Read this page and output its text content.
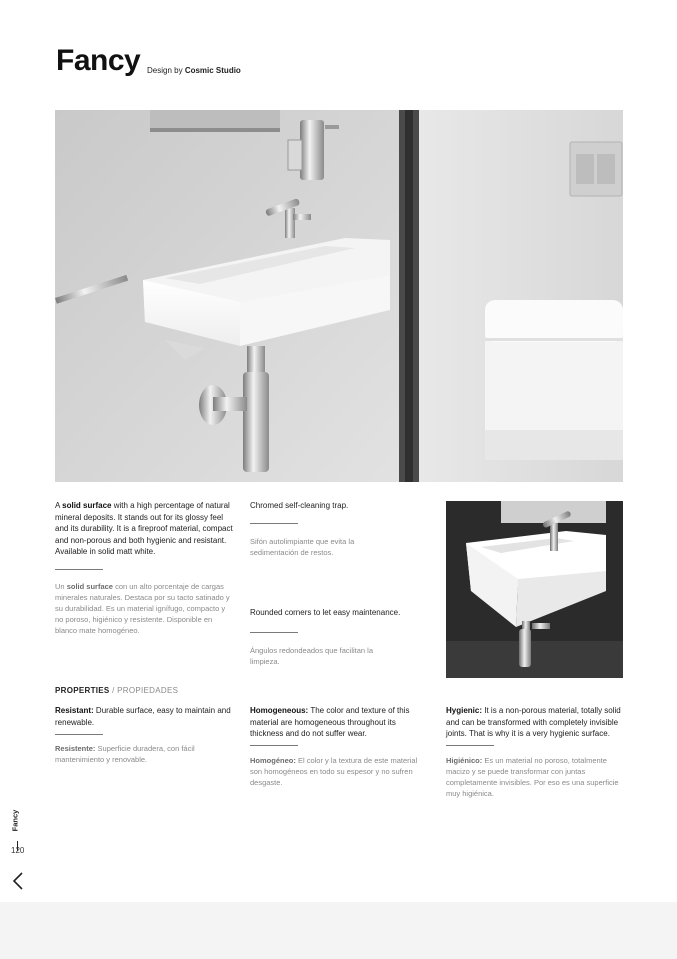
Fancy Design by Cosmic Studio
A solid surface with a high percentage of natural mineral deposits. It stands out for its glossy feel and its durability. It is a fireproof material, compact and non-porous and both hygienic and resistant. Available in solid matt white.
Un solid surface con un alto porcentaje de cargas minerales naturales. Destaca por su tacto satinado y su durabilidad. Es un material ignífugo, compacto y no poroso, higiénico y resistente. Disponible en blanco mate homogéneo.
Chromed self-cleaning trap.
Sifón autolimpiante que evita la sedimentación de restos.
Rounded corners to let easy maintenance.
Ángulos redondeados que facilitan la limpieza.
PROPERTIES / PROPIEDADES
Resistant: Durable surface, easy to maintain and renewable.
Resistente: Superficie duradera, con fácil mantenimiento y renovable.
Homogeneous: The color and texture of this material are homogeneous throughout its thickness and do not suffer wear.
Homogéneo: El color y la textura de este material son homogéneos en todo su espesor y no sufren desgaste.
Hygienic: It is a non-porous material, totally solid and can be transformed with completely invisible joints. That is why it is a very hygienic surface.
Higiénico: Es un material no poroso, totalmente macizo y se puede transformar con juntas completamente invisibles. Por eso es una superficie muy higiénica.
Fancy
120
